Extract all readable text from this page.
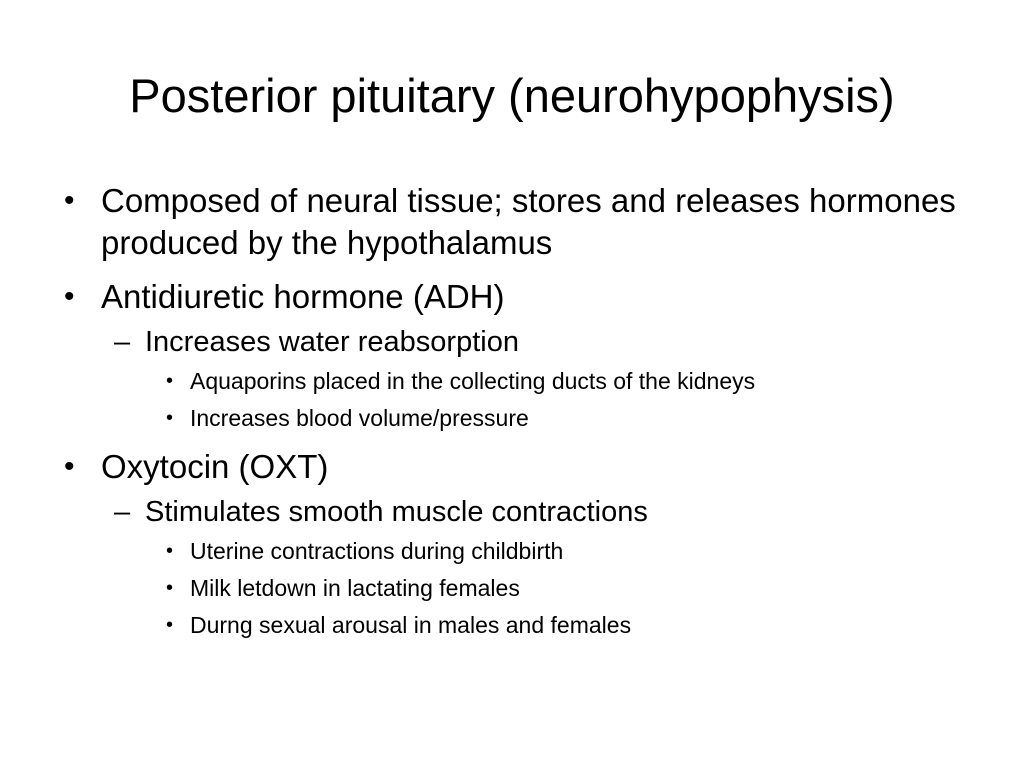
Posterior pituitary (neurohypophysis)
• Composed of neural tissue; stores and releases hormones produced by the hypothalamus
• Antidiuretic hormone (ADH)
– Increases water reabsorption
• Aquaporins placed in the collecting ducts of the kidneys
• Increases blood volume/pressure
• Oxytocin (OXT)
– Stimulates smooth muscle contractions
• Uterine contractions during childbirth
• Milk letdown in lactating females
• Durng sexual arousal in males and females
